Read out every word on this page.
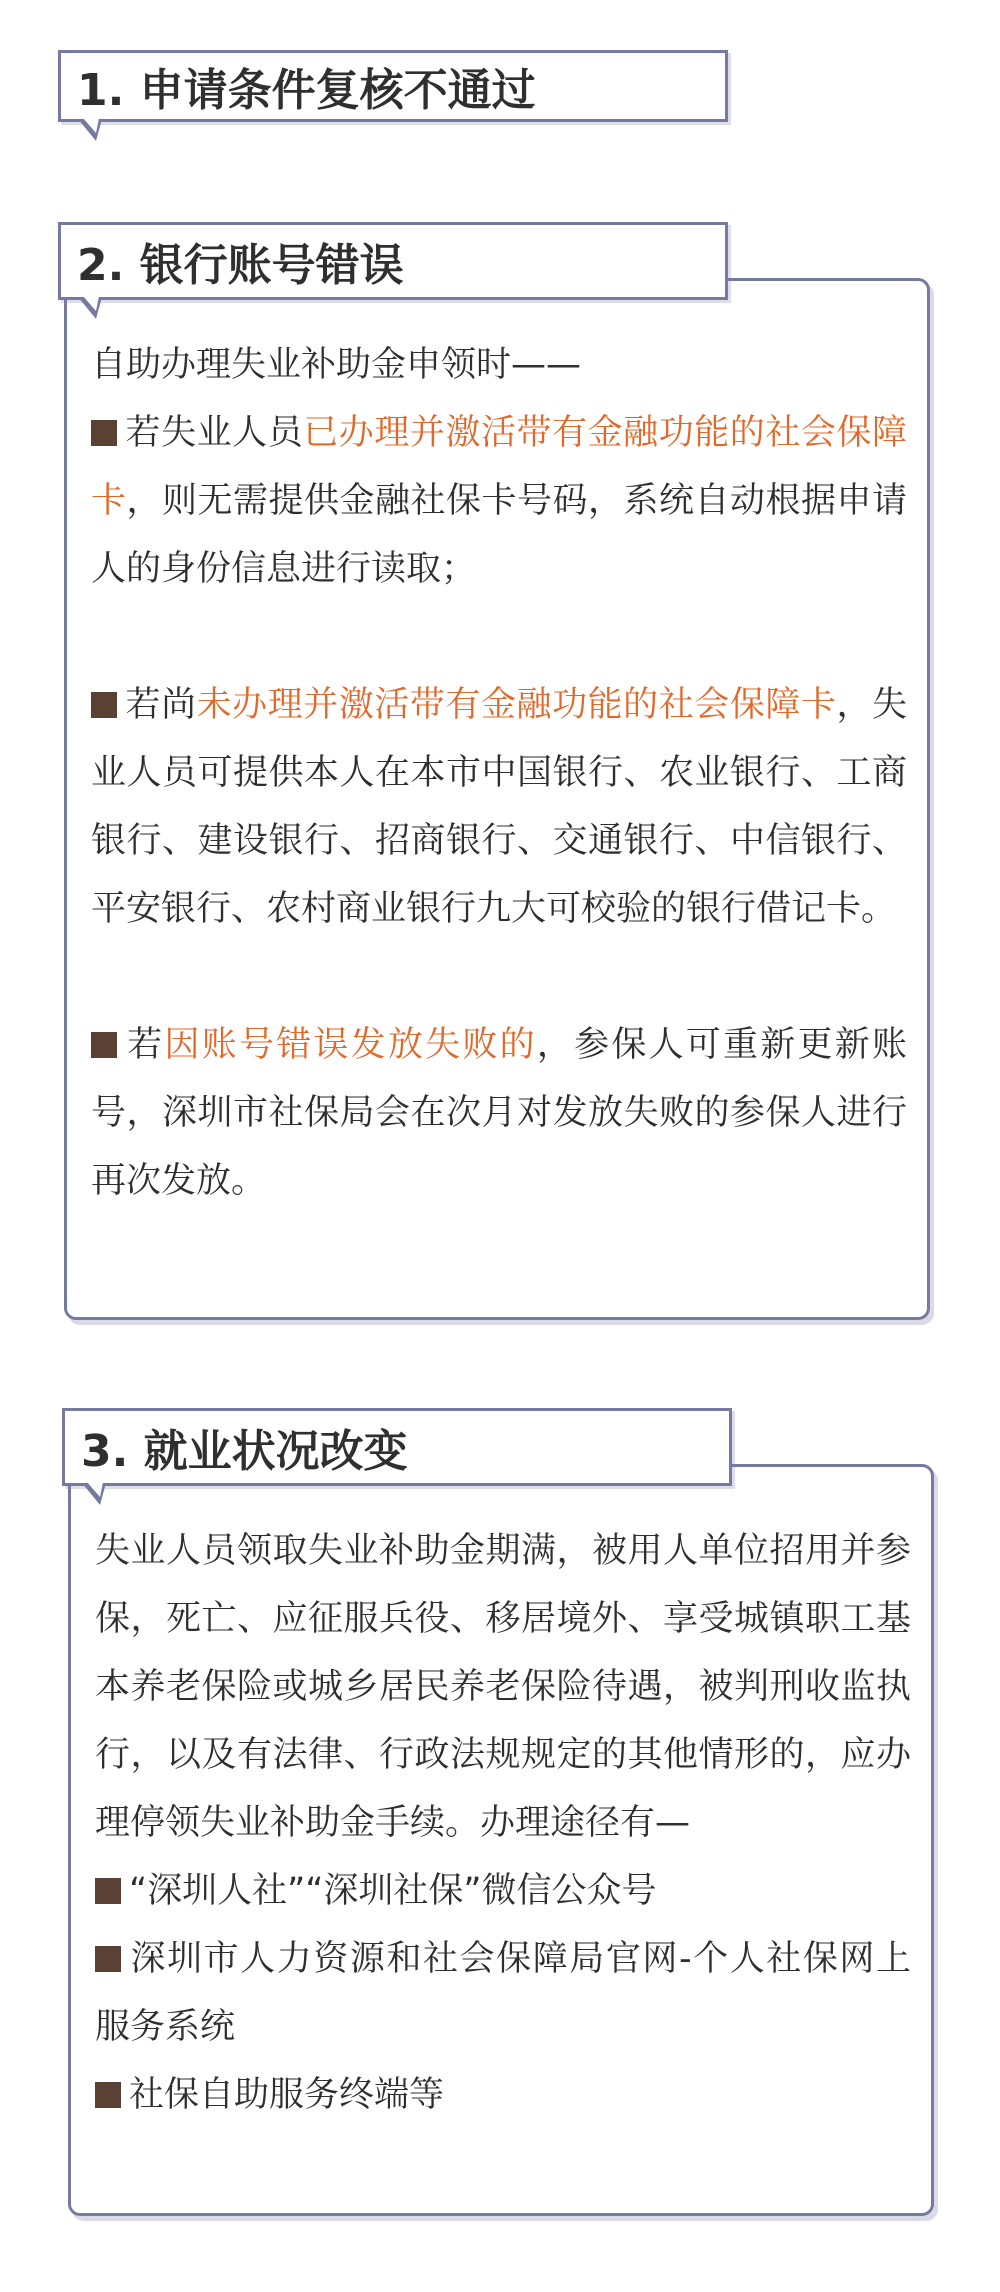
1. 申请条件复核不通过

自助办理失业补助金申领时——

若失业人员已办理并激活带有金融功能的社会保障卡，则无需提供金融社保卡号码，系统自动根据申请人的身份信息进行读取；

若尚未办理并激活带有金融功能的社会保障卡，失业人员可提供本人在本市中国银行、农业银行、工商银行、建设银行、招商银行、交通银行、中信银行、平安银行、农村商业银行九大可校验的银行借记卡。

若因账号错误发放失败的，参保人可重新更新账号，深圳市社保局会在次月对发放失败的参保人进行再次发放。

2. 银行账号错误

失业人员领取失业补助金期满，被用人单位招用并参保，死亡、应征服兵役、移居境外、享受城镇职工基本养老保险或城乡居民养老保险待遇，被判刑收监执行，以及有法律、行政法规规定的其他情形的，应办理停领失业补助金手续。办理途径有—

“深圳人社”“深圳社保”微信公众号

深圳市人力资源和社会保障局官网-个人社保网上服务系统

社保自助服务终端等

3. 就业状况改变
